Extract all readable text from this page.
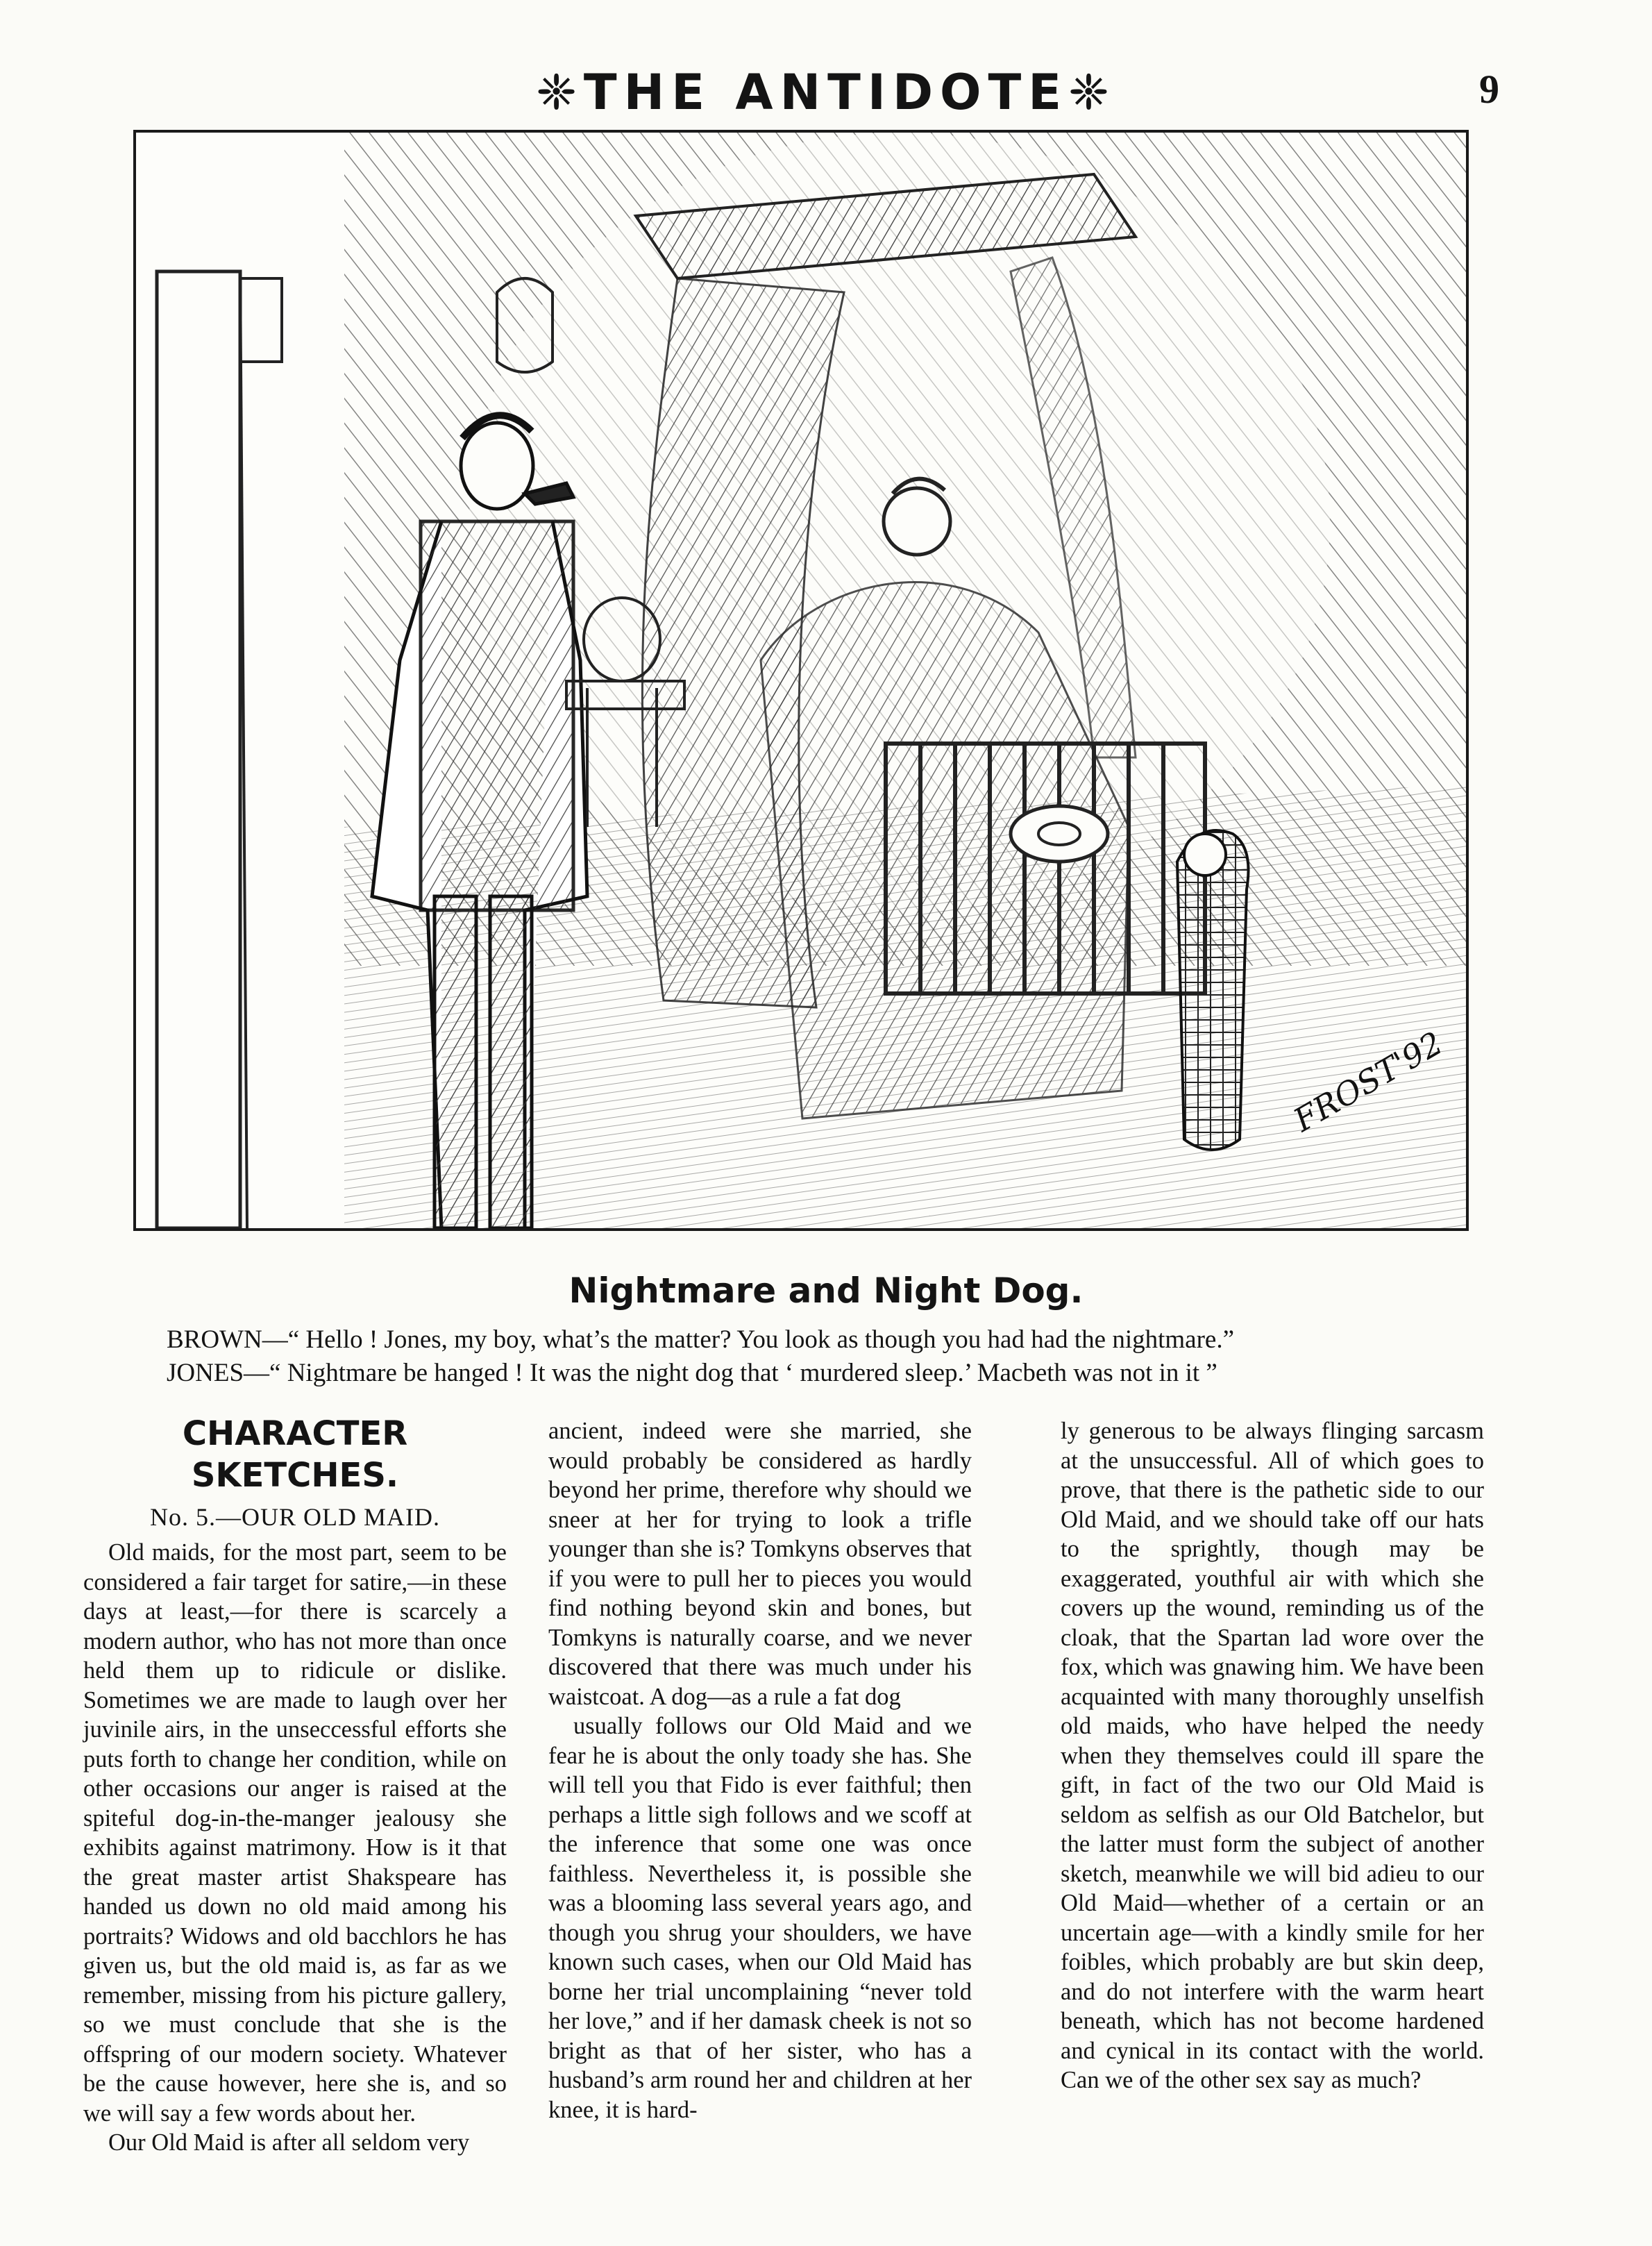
❈THE ANTIDOTE❈	9
FROST'92
Nightmare and Night Dog.
BROWN—“ Hello ! Jones, my boy, what’s the matter? You look as though you had had the nightmare.”
JONES—“ Nightmare be hanged ! It was the night dog that ‘ murdered sleep.’ Macbeth was not in it ”
CHARACTER SKETCHES.
No. 5.—OUR OLD MAID.

Old maids, for the most part, seem to be considered a fair target for satire,—in these days at least,—for there is scarcely a modern author, who has not more than once held them up to ridicule or dislike. Sometimes we are made to laugh over her juvinile airs, in the unseccessful efforts she puts forth to change her condition, while on other occasions our anger is raised at the spiteful dog-in-the-manger jealousy she exhibits against matrimony. How is it that the great master artist Shakspeare has handed us down no old maid among his portraits? Widows and old bacchlors he has given us, but the old maid is, as far as we remember, missing from his picture gallery, so we must conclude that she is the offspring of our modern society. Whatever be the cause however, here she is, and so we will say a few words about her.

Our Old Maid is after all seldom very

ancient, indeed were she married, she would probably be considered as hardly beyond her prime, therefore why should we sneer at her for trying to look a trifle younger than she is? Tomkyns observes that if you were to pull her to pieces you would find nothing beyond skin and bones, but Tomkyns is naturally coarse, and we never discovered that there was much under his waistcoat. A dog—as a rule a fat dog

usually follows our Old Maid and we fear he is about the only toady she has. She will tell you that Fido is ever faithful; then perhaps a little sigh follows and we scoff at the inference that some one was once faithless. Nevertheless it, is possible she was a blooming lass several years ago, and though you shrug your shoulders, we have known such cases, when our Old Maid has borne her trial uncomplaining “never told her love,” and if her damask cheek is not so bright as that of her sister, who has a husband’s arm round her and children at her knee, it is hard-

ly generous to be always flinging sarcasm at the unsuccessful. All of which goes to prove, that there is the pathetic side to our Old Maid, and we should take off our hats to the sprightly, though may be exaggerated, youthful air with which she covers up the wound, reminding us of the cloak, that the Spartan lad wore over the fox, which was gnawing him. We have been acquainted with many thoroughly unselfish old maids, who have helped the needy when they themselves could ill spare the gift, in fact of the two our Old Maid is seldom as selfish as our Old Batchelor, but the latter must form the subject of another sketch, meanwhile we will bid adieu to our Old Maid—whether of a certain or an uncertain age—with a kindly smile for her foibles, which probably are but skin deep, and do not interfere with the warm heart beneath, which has not become hardened and cynical in its contact with the world. Can we of the other sex say as much?
